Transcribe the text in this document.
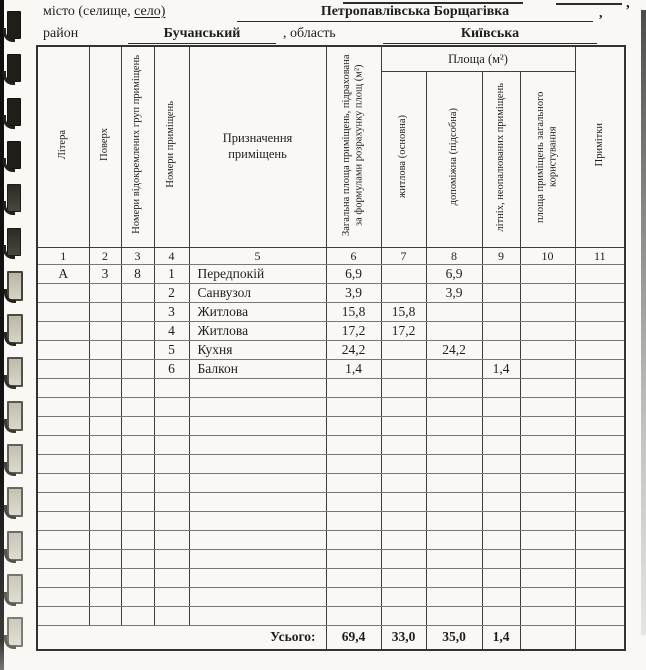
,
місто (селище, село)	Петропавлівська Борщагівка	,
район	Бучанський	, область	Київська
Літера	Поверх	Номери відокремлених груп приміщень	Номери приміщень	Призначення приміщень	Загальна площа приміщень, підрахована за формулами розрахунку площ (м²)	Площа (м²)				Примітки
						житлова (основна)	допоміжна (підсобна)	літніх, неопалюваних приміщень	площа приміщень загального користування	
1	2	3	4	5	6	7	8	9	10	11
А	3	8	1	Передпокій	6,9		6,9			
			2	Санвузол	3,9		3,9			
			3	Житлова	15,8	15,8				
			4	Житлова	17,2	17,2				
			5	Кухня	24,2		24,2			
			6	Балкон	1,4			1,4		

Усього:					69,4	33,0	35,0	1,4		
